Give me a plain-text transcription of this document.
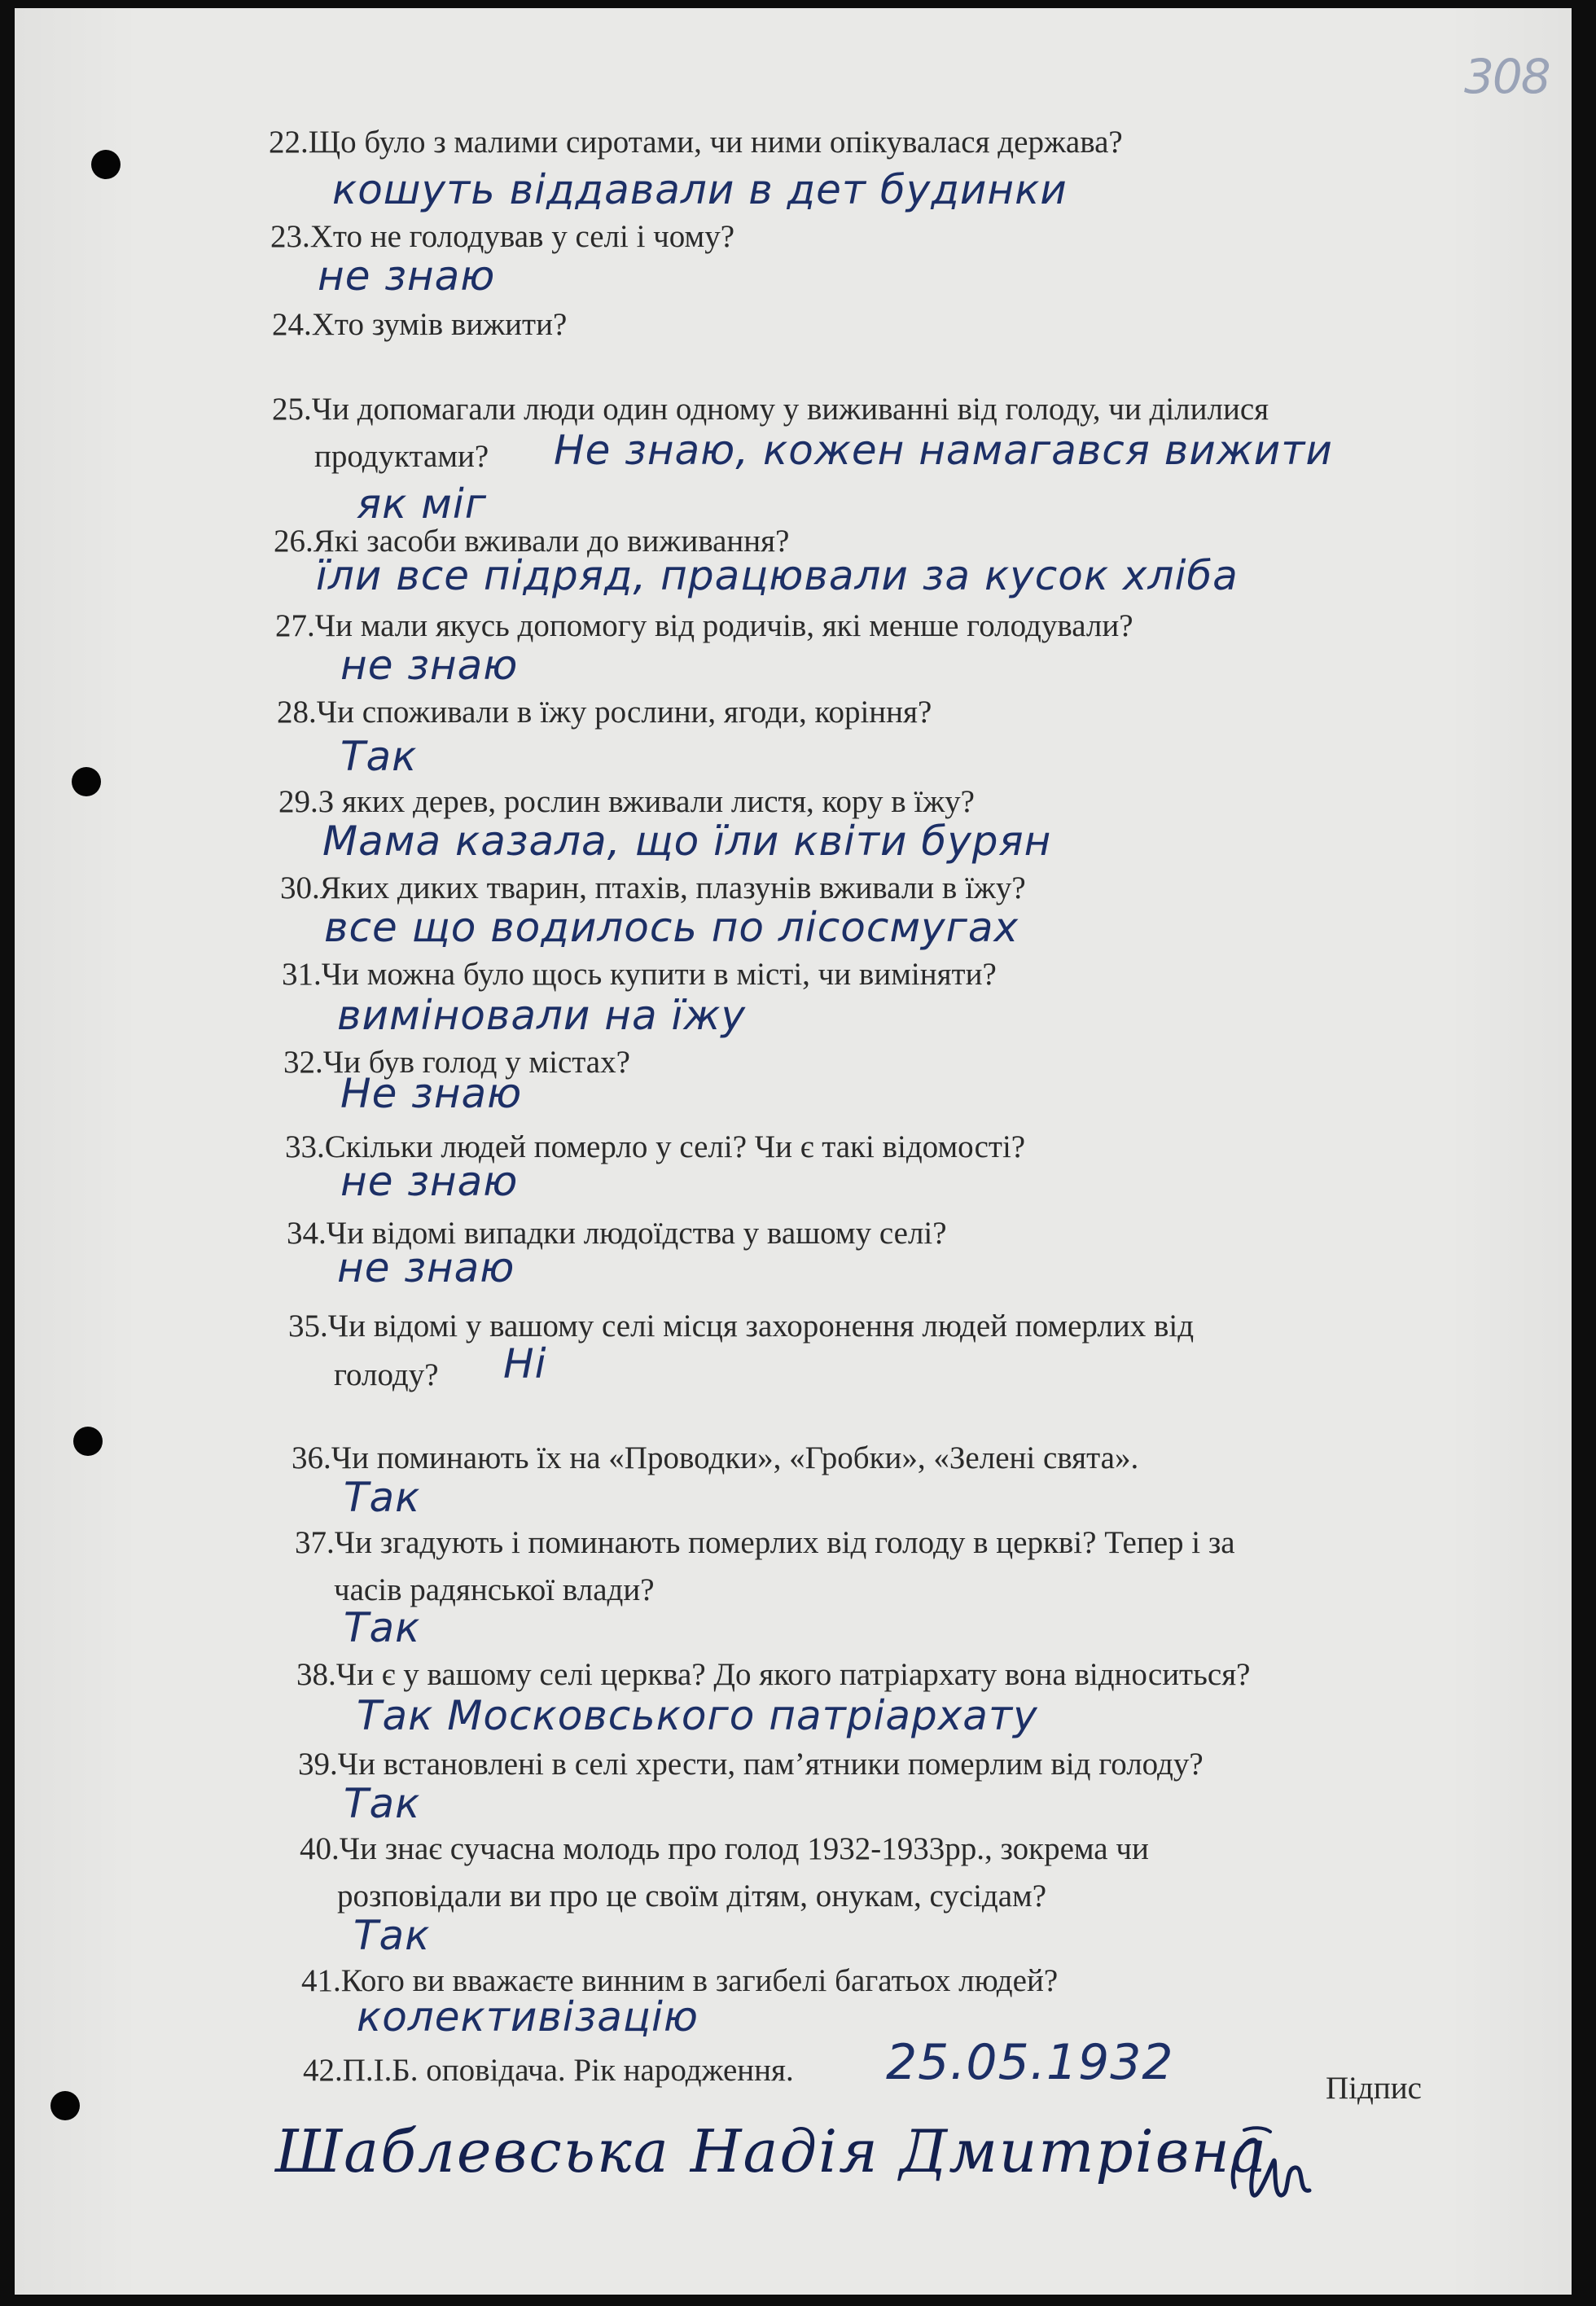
308
22.Що було з малими сиротами, чи ними опікувалася держава?
кошуть віддавали в дет будинки
23.Хто не голодував у селі і чому?
не знаю
24.Хто зумів вижити?
25.Чи допомагали люди один одному у виживанні від голоду, чи ділилися
продуктами? Не знаю, кожен намагався вижити
як міг
26.Які засоби вживали до виживання?
їли все підряд, працювали за кусок хліба
27.Чи мали якусь допомогу від родичів, які менше голодували?
не знаю
28.Чи споживали в їжу рослини, ягоди, коріння?
Так
29.З яких дерев, рослин вживали листя, кору в їжу?
Мама казала, що їли квіти бурян
30.Яких диких тварин, птахів, плазунів вживали в їжу?
все що водилось по лісосмугах
31.Чи можна було щось купити в місті, чи виміняти?
виміновали на їжу
32.Чи був голод у містах?
Не знаю
33.Скільки людей померло у селі? Чи є такі відомості?
не знаю
34.Чи відомі випадки людоїдства у вашому селі?
не знаю
35.Чи відомі у вашому селі місця захоронення людей померлих від
голоду? Ні
36.Чи поминають їх на «Проводки», «Гробки», «Зелені свята».
Так
37.Чи згадують і поминають померлих від голоду в церкві? Тепер і за
часів радянської влади?
Так
38.Чи є у вашому селі церква? До якого патріархату вона відноситься?
Так Московського патріархату
39.Чи встановлені в селі хрести, пам’ятники померлим від голоду?
Так
40.Чи знає сучасна молодь про голод 1932-1933рр., зокрема чи
розповідали ви про це своїм дітям, онукам, сусідам?
Так
41.Кого ви вважаєте винним в загибелі багатьох людей?
колективізацію
42.П.І.Б. оповідача. Рік народження. 25.05.1932	Підпис
Шаблевська Надія Дмитрівна
